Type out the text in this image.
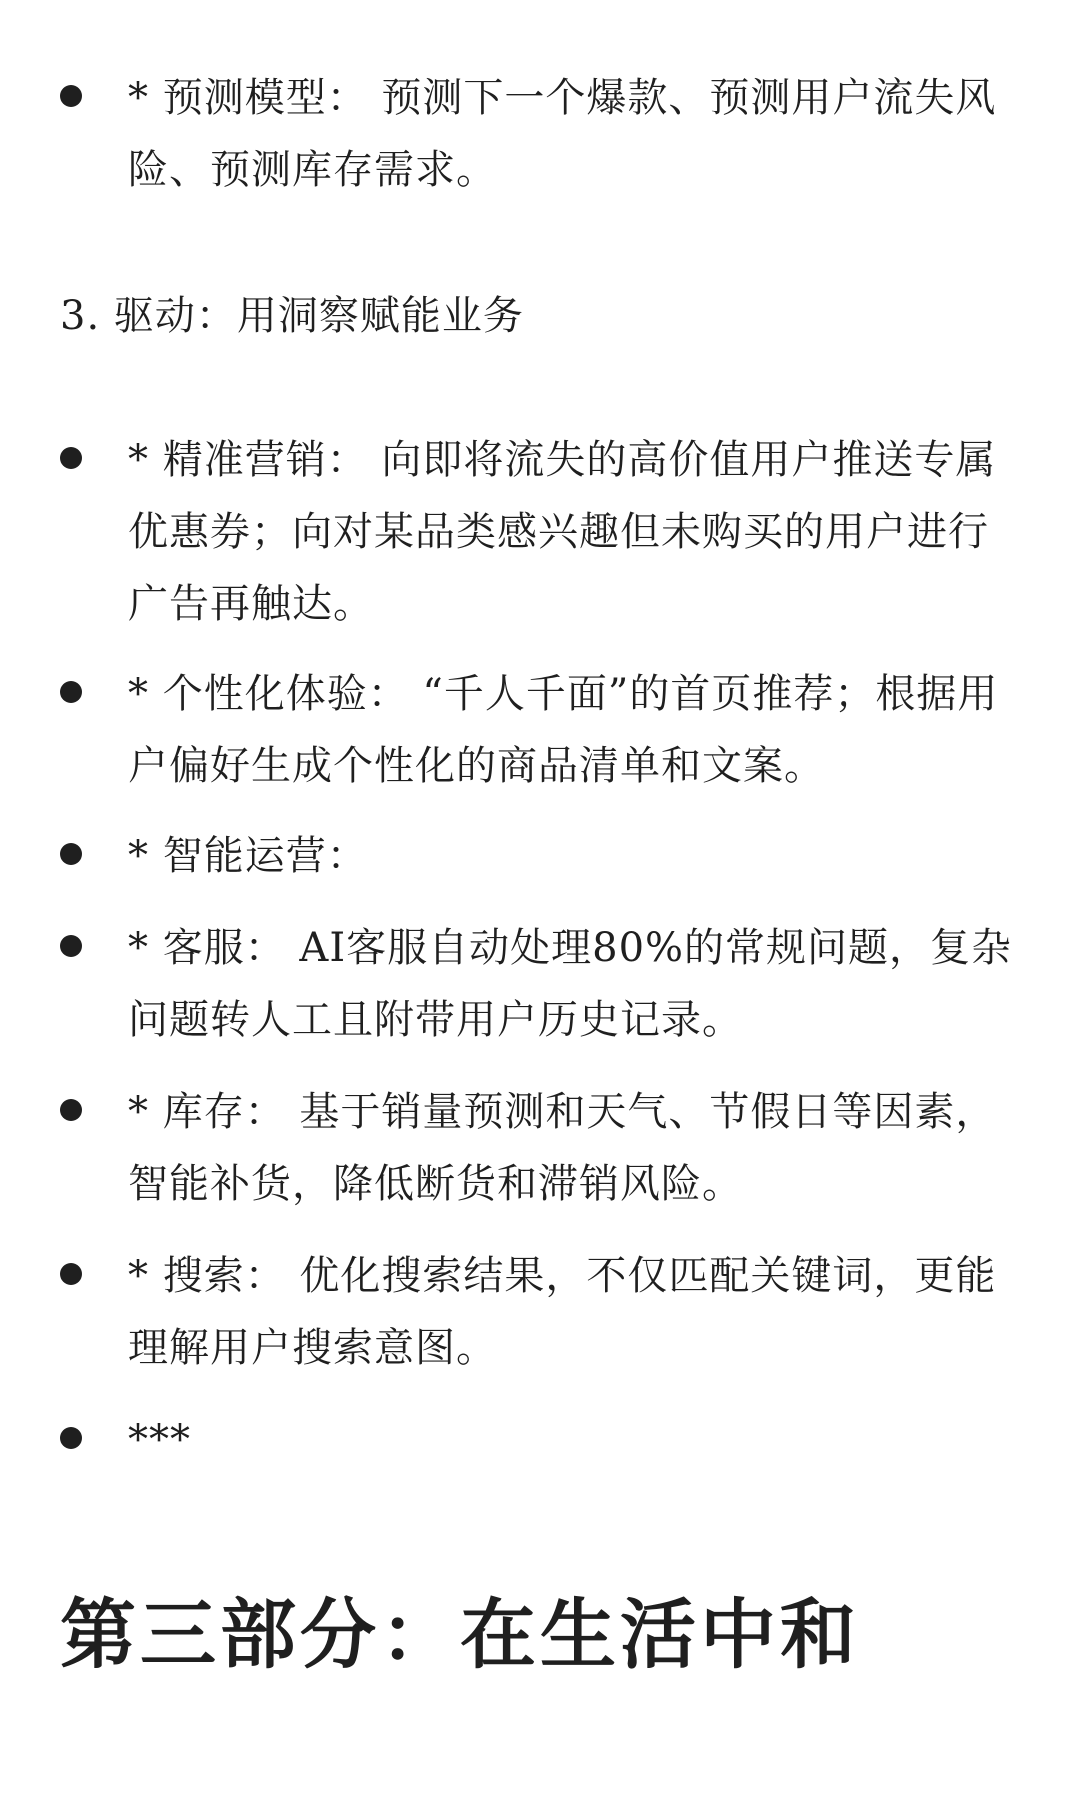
* 预测模型： 预测下一个爆款、预测用户流失风险、预测库存需求。
3. 驱动：用洞察赋能业务
* 精准营销： 向即将流失的高价值用户推送专属优惠券；向对某品类感兴趣但未购买的用户进行广告再触达。
* 个性化体验： “千人千面”的首页推荐；根据用户偏好生成个性化的商品清单和文案。
* 智能运营：
* 客服： AI客服自动处理80%的常规问题，复杂问题转人工且附带用户历史记录。
* 库存： 基于销量预测和天气、节假日等因素，智能补货，降低断货和滞销风险。
* 搜索： 优化搜索结果，不仅匹配关键词，更能理解用户搜索意图。
***
第三部分：在生活中和
